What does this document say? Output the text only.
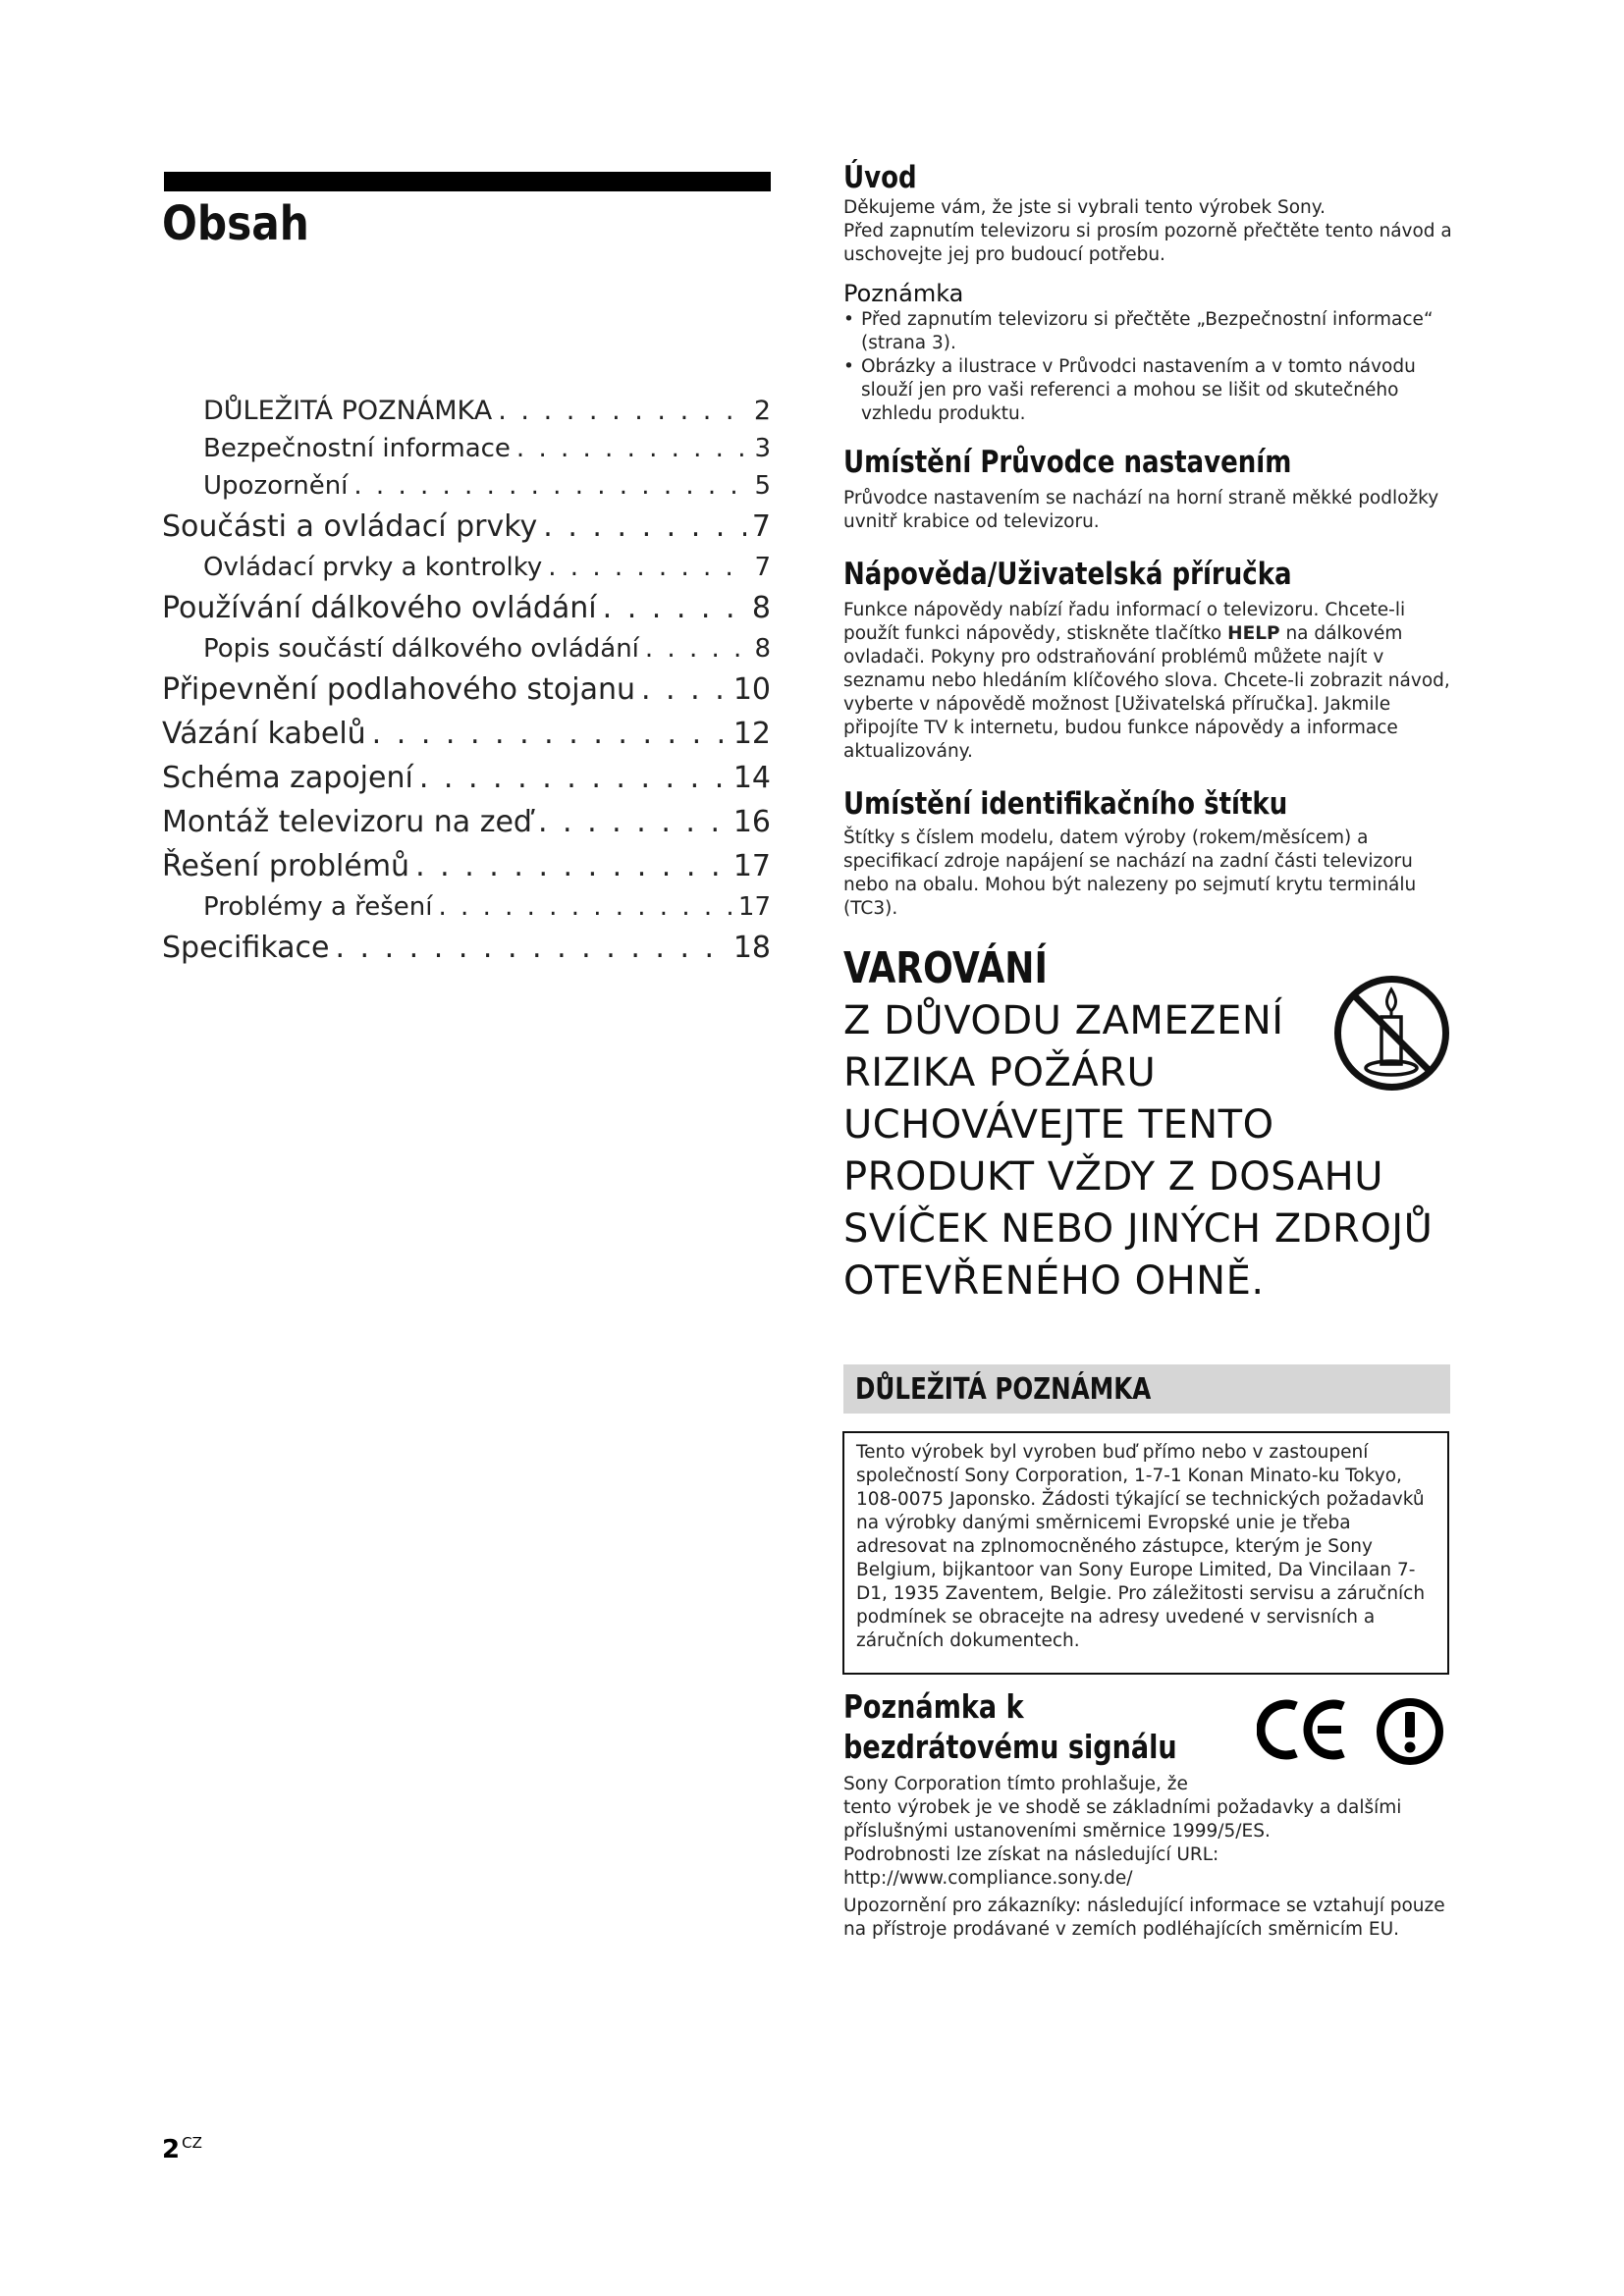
Obsah
DŮLEŽITÁ POZNÁMKA . . .	2
Bezpečnostní informace . . .	3
Upozornění . . .	5
Součásti a ovládací prvky . . .	7
Ovládací prvky a kontrolky . . .	7
Používání dálkového ovládání . . .	8
Popis součástí dálkového ovládání . . .	8
Připevnění podlahového stojanu . . .	10
Vázání kabelů . . .	12
Schéma zapojení . . .	14
Montáž televizoru na zeď . . .	16
Řešení problémů . . .	17
Problémy a řešení . . .	17
Specifikace . . .	18
Úvod

Děkujeme vám, že jste si vybrali tento výrobek Sony.

Před zapnutím televizoru si prosím pozorně přečtěte tento návod a uschovejte jej pro budoucí potřebu.

Poznámka

• Před zapnutím televizoru si přečtěte „Bezpečnostní informace“ (strana 3).

• Obrázky a ilustrace v Průvodci nastavením a v tomto návodu slouží jen pro vaši referenci a mohou se lišit od skutečného vzhledu produktu.

Umístění Průvodce nastavením

Průvodce nastavením se nachází na horní straně měkké podložky uvnitř krabice od televizoru.

Nápověda/Uživatelská příručka

Funkce nápovědy nabízí řadu informací o televizoru. Chcete-li použít funkci nápovědy, stiskněte tlačítko HELP na dálkovém ovladači. Pokyny pro odstraňování problémů můžete najít v seznamu nebo hledáním klíčového slova. Chcete-li zobrazit návod, vyberte v nápovědě možnost [Uživatelská příručka]. Jakmile připojíte TV k internetu, budou funkce nápovědy a informace aktualizovány.

Umístění identifikačního štítku

Štítky s číslem modelu, datem výroby (rokem/měsícem) a specifikací zdroje napájení se nachází na zadní části televizoru nebo na obalu. Mohou být nalezeny po sejmutí krytu terminálu (TC3).

VAROVÁNÍ

Z DŮVODU ZAMEZENÍ

RIZIKA POŽÁRU

UCHOVÁVEJTE TENTO

PRODUKT VŽDY Z DOSAHU

SVÍČEK NEBO JINÝCH ZDROJŮ

OTEVŘENÉHO OHNĚ.

DŮLEŽITÁ POZNÁMKA

Tento výrobek byl vyroben buď přímo nebo v zastoupení společností Sony Corporation, 1-7-1 Konan Minato-ku Tokyo, 108-0075 Japonsko. Žádosti týkající se technických požadavků na výrobky danými směrnicemi Evropské unie je třeba adresovat na zplnomocněného zástupce, kterým je Sony Belgium, bijkantoor van Sony Europe Limited, Da Vincilaan 7-D1, 1935 Zaventem, Belgie. Pro záležitosti servisu a záručních podmínek se obracejte na adresy uvedené v servisních a záručních dokumentech.

Poznámka k bezdrátovému signálu

Sony Corporation tímto prohlašuje, že

tento výrobek je ve shodě se základními požadavky a dalšími příslušnými ustanoveními směrnice 1999/5/ES.

Podrobnosti lze získat na následující URL:

http://www.compliance.sony.de/

Upozornění pro zákazníky: následující informace se vztahují pouze na přístroje prodávané v zemích podléhajících směrnicím EU.

2 $^{CZ}$
